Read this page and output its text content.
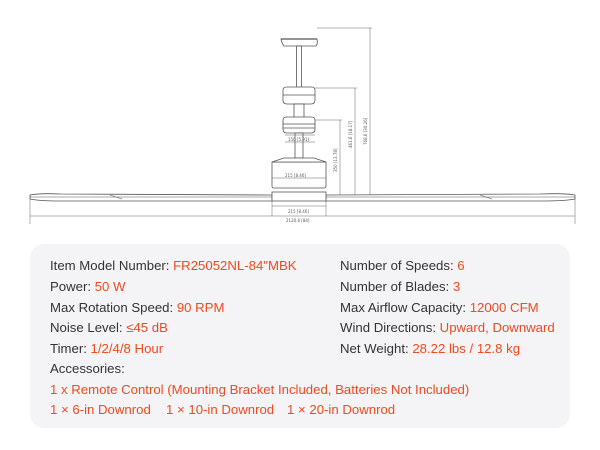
768.6 [30.26]
461.6 [18.17]
350 [13.78]
150 [5.91]
215 [8.46]
215 [8.46]
2120.6 [84]
Item Model Number: FR25052NL-84"MBK
Power: 50 W
Max Rotation Speed: 90 RPM
Noise Level: ≤45 dB
Timer: 1/2/4/8 Hour
Number of Speeds: 6
Number of Blades: 3
Max Airflow Capacity: 12000 CFM
Wind Directions: Upward, Downward
Net Weight: 28.22 lbs / 12.8 kg
Accessories:
1 x Remote Control (Mounting Bracket Included, Batteries Not Included)
1 × 6-in Downrod 1 × 10-in Downrod 1 × 20-in Downrod
